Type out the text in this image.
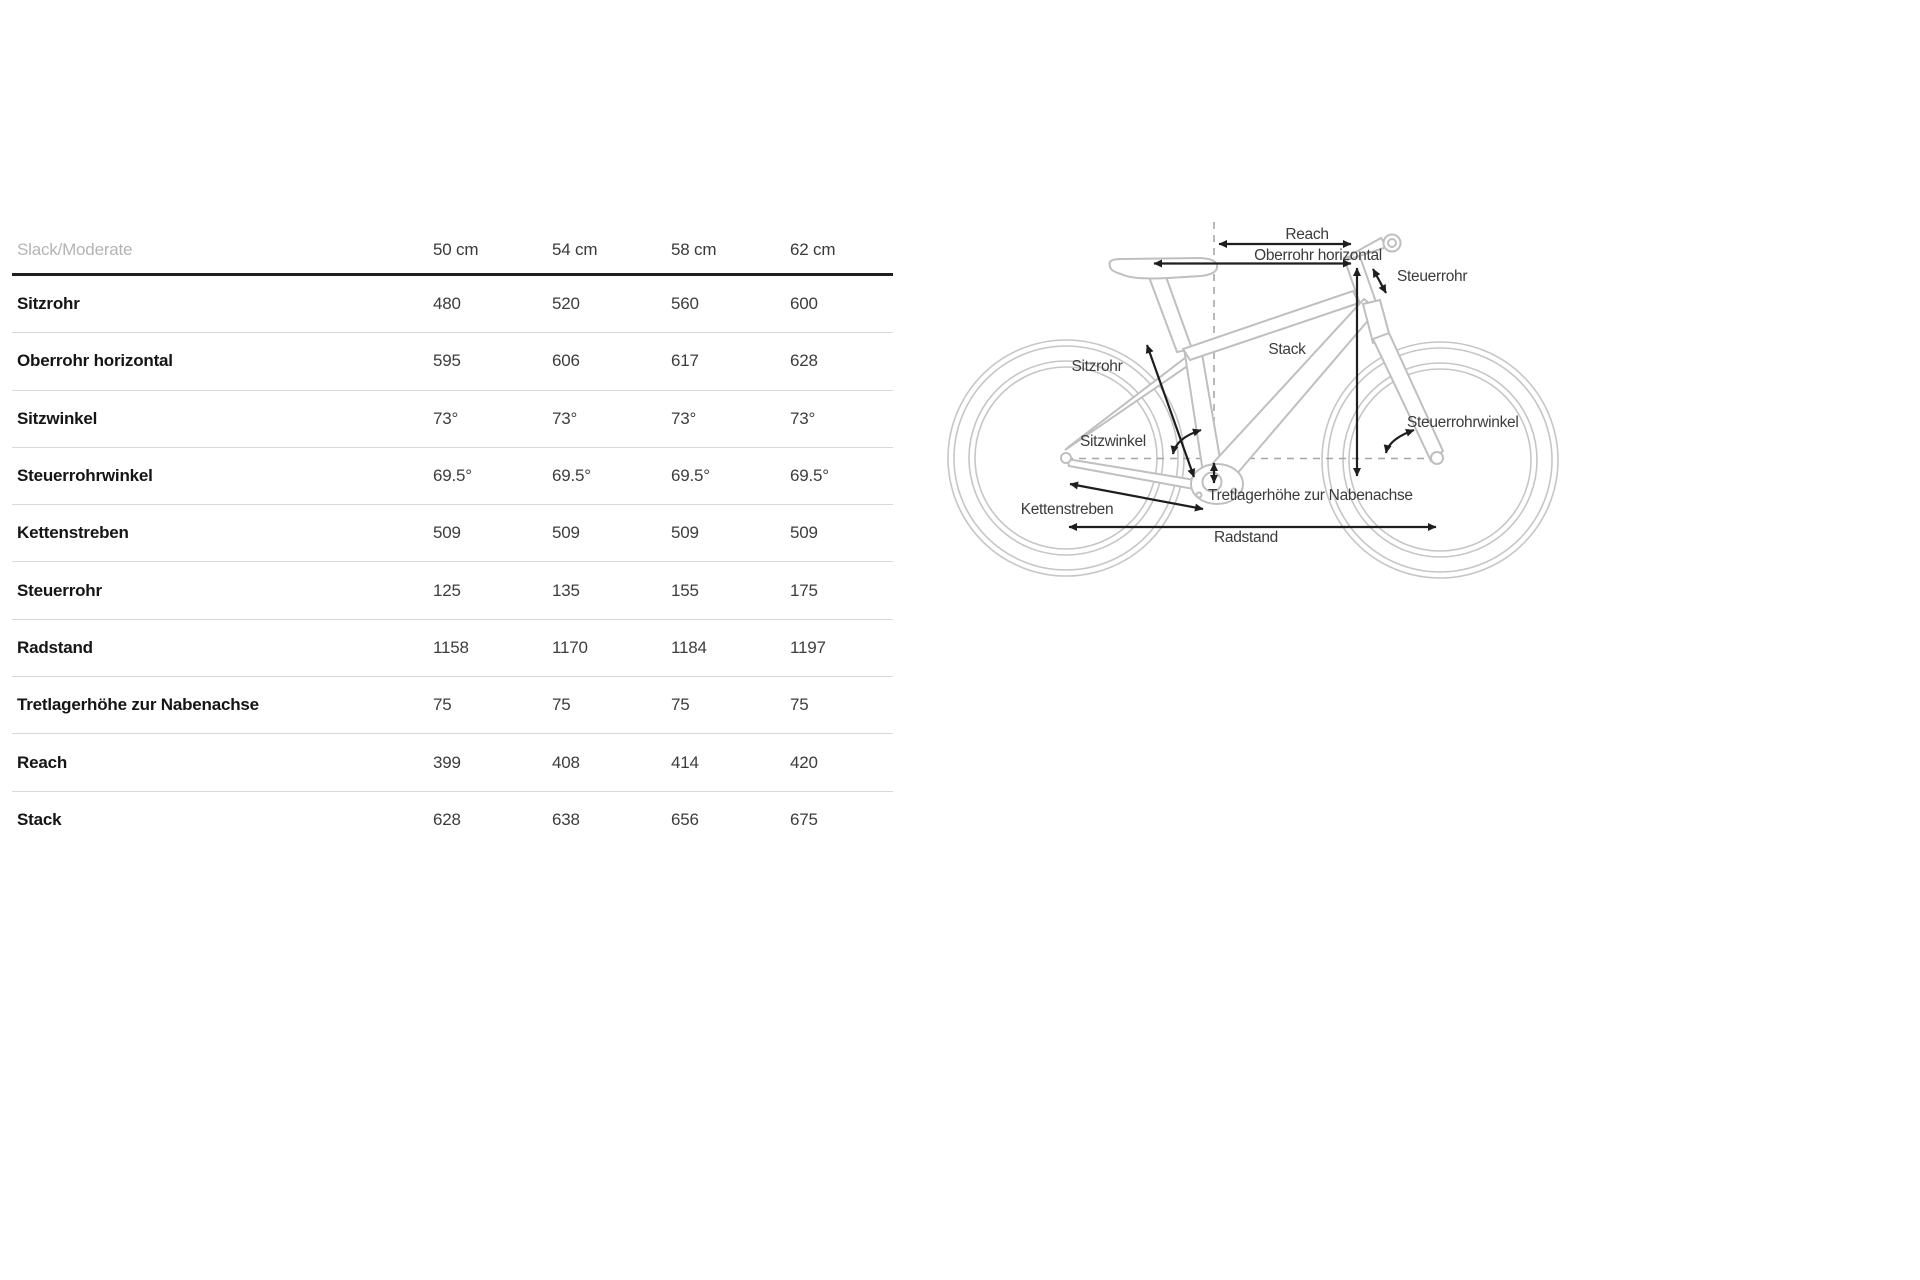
Slack/Moderate	50 cm	54 cm	58 cm	62 cm
Sitzrohr	480	520	560	600
Oberrohr horizontal	595	606	617	628
Sitzwinkel	73°	73°	73°	73°
Steuerrohrwinkel	69.5°	69.5°	69.5°	69.5°
Kettenstreben	509	509	509	509
Steuerrohr	125	135	155	175
Radstand	1158	1170	1184	1197
Tretlagerhöhe zur Nabenachse	75	75	75	75
Reach	399	408	414	420
Stack	628	638	656	675
Reach
Oberrohr horizontal
Steuerrohr
Stack
Sitzrohr
Sitzwinkel
Steuerrohrwinkel
Tretlagerhöhe zur Nabenachse
Kettenstreben
Radstand
